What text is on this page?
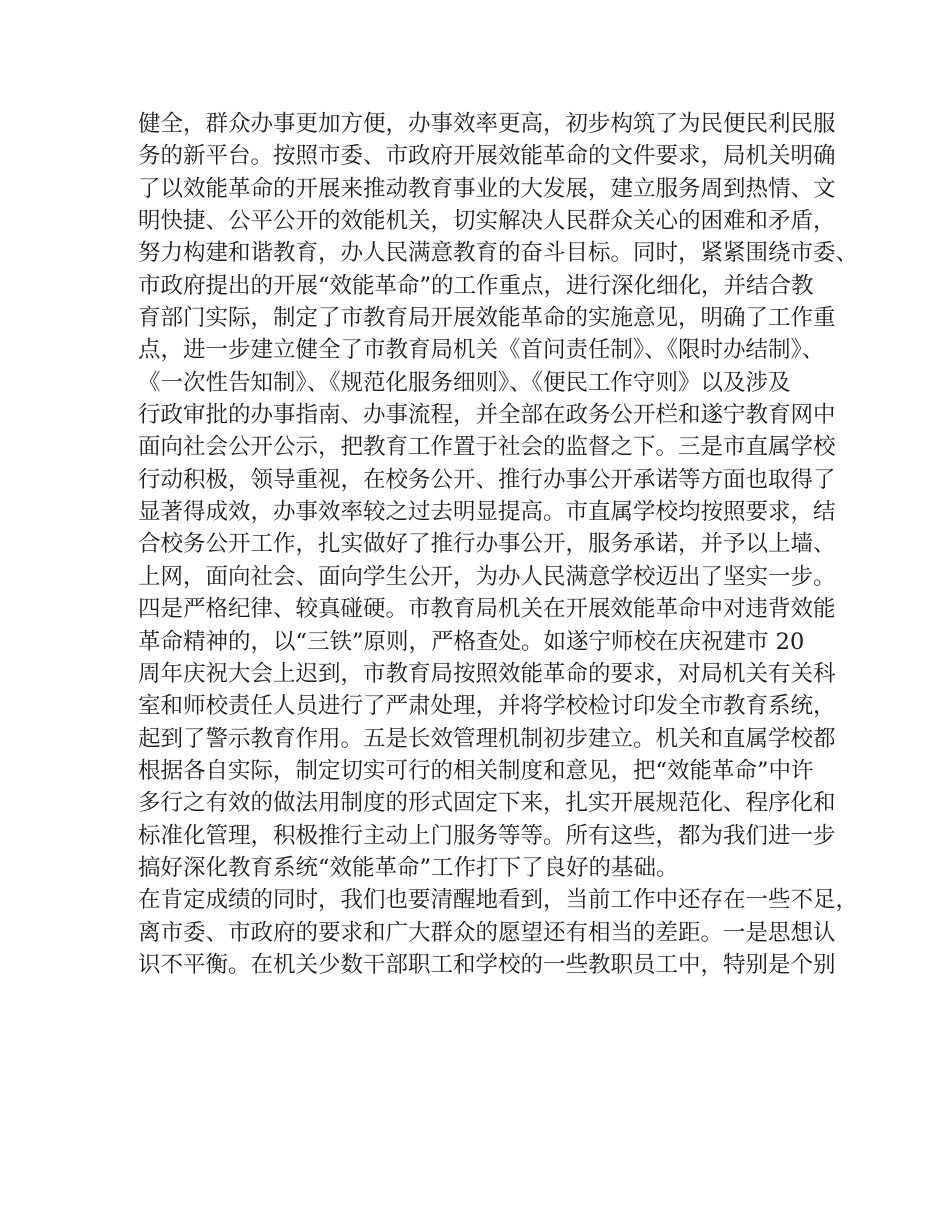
健全，群众办事更加方便，办事效率更高，初步构筑了为民便民利民服
务的新平台。按照市委、市政府开展效能革命的文件要求，局机关明确
了以效能革命的开展来推动教育事业的大发展，建立服务周到热情、文
明快捷、公平公开的效能机关，切实解决人民群众关心的困难和矛盾，
努力构建和谐教育，办人民满意教育的奋斗目标。同时，紧紧围绕市委、
市政府提出的开展“效能革命”的工作重点，进行深化细化，并结合教
育部门实际，制定了市教育局开展效能革命的实施意见，明确了工作重
点，进一步建立健全了市教育局机关《首问责任制》、《限时办结制》、
《一次性告知制》、《规范化服务细则》、《便民工作守则》以及涉及
行政审批的办事指南、办事流程，并全部在政务公开栏和遂宁教育网中
面向社会公开公示，把教育工作置于社会的监督之下。三是市直属学校
行动积极，领导重视，在校务公开、推行办事公开承诺等方面也取得了
显著得成效，办事效率较之过去明显提高。市直属学校均按照要求，结
合校务公开工作，扎实做好了推行办事公开，服务承诺，并予以上墙、
上网，面向社会、面向学生公开，为办人民满意学校迈出了坚实一步。
四是严格纪律、较真碰硬。市教育局机关在开展效能革命中对违背效能
革命精神的，以“三铁”原则，严格查处。如遂宁师校在庆祝建市 20
周年庆祝大会上迟到，市教育局按照效能革命的要求，对局机关有关科
室和师校责任人员进行了严肃处理，并将学校检讨印发全市教育系统，
起到了警示教育作用。五是长效管理机制初步建立。机关和直属学校都
根据各自实际，制定切实可行的相关制度和意见，把“效能革命”中许
多行之有效的做法用制度的形式固定下来，扎实开展规范化、程序化和
标准化管理，积极推行主动上门服务等等。所有这些，都为我们进一步
搞好深化教育系统“效能革命”工作打下了良好的基础。
在肯定成绩的同时，我们也要清醒地看到，当前工作中还存在一些不足，
离市委、市政府的要求和广大群众的愿望还有相当的差距。一是思想认
识不平衡。在机关少数干部职工和学校的一些教职员工中，特别是个别
